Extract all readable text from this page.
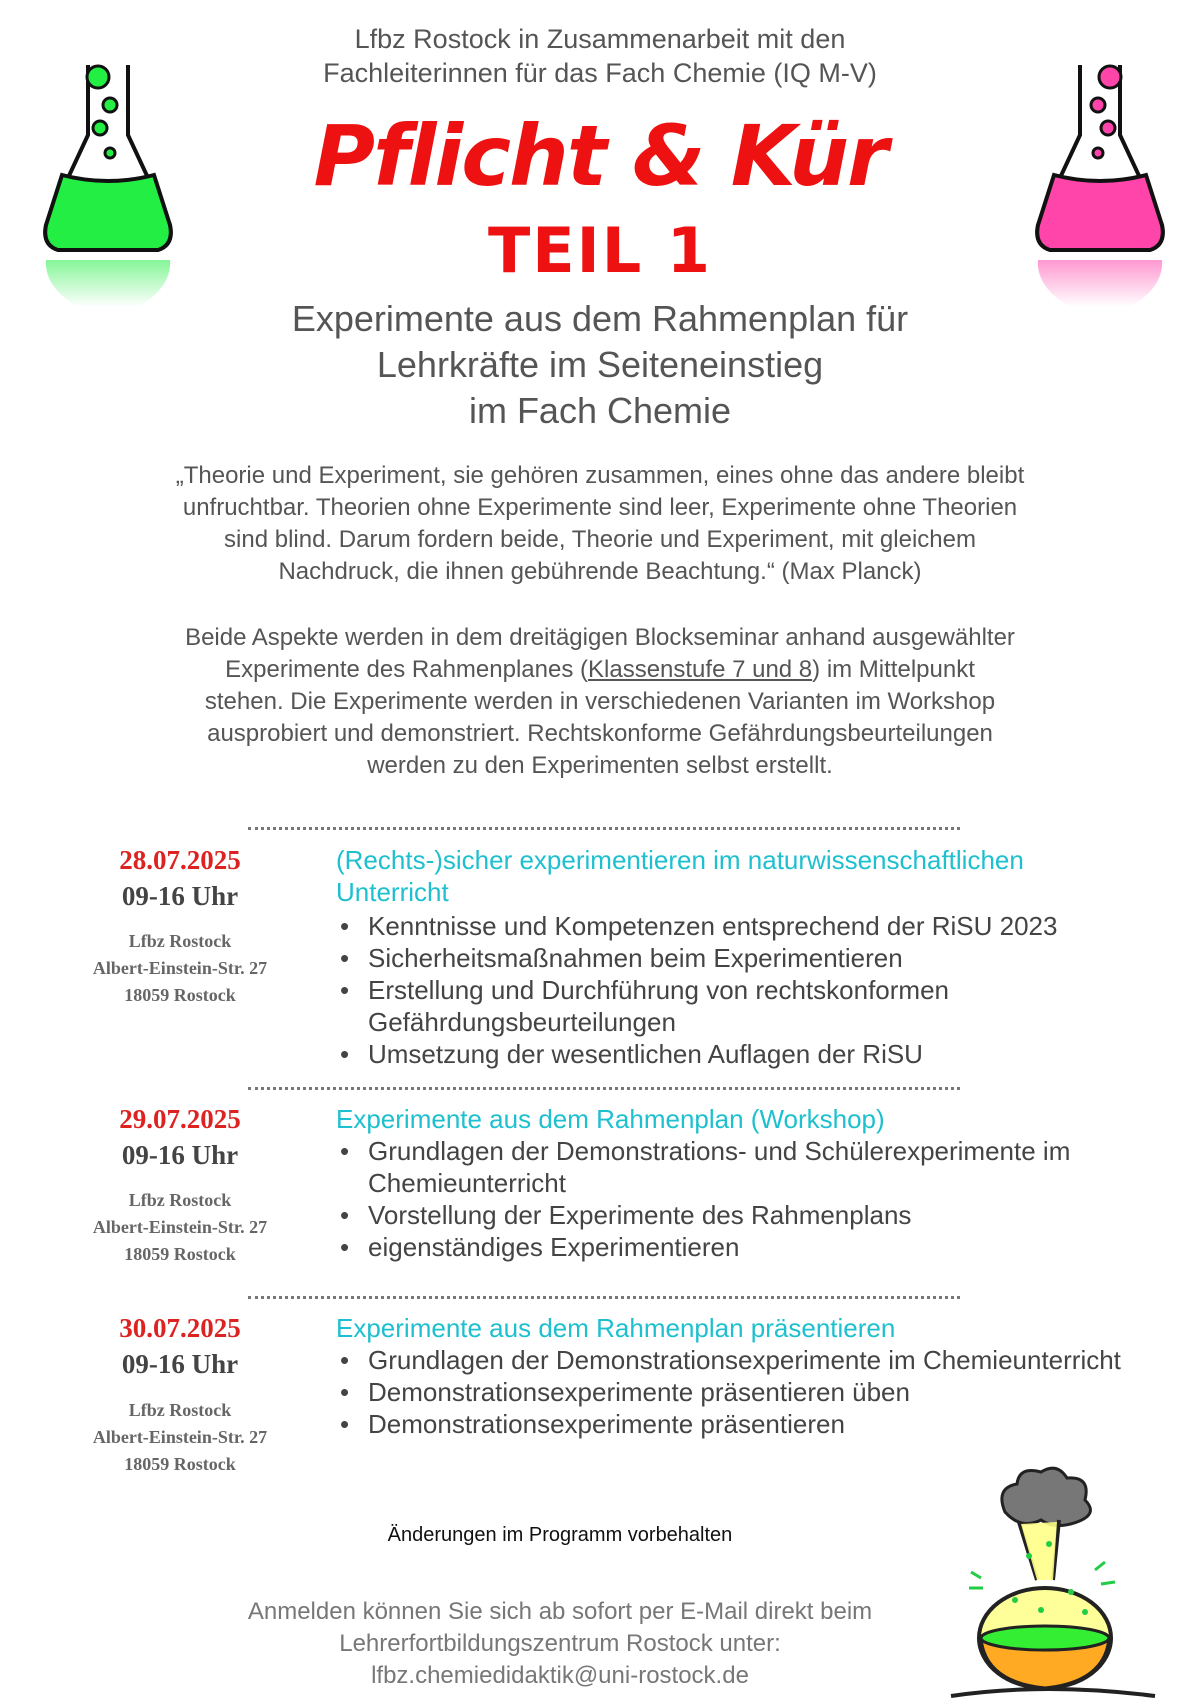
Lfbz Rostock in Zusammenarbeit mit den
Fachleiterinnen für das Fach Chemie (IQ M-V)
Pflicht & Kür
TEIL 1
Experimente aus dem Rahmenplan für
Lehrkräfte im Seiteneinstieg
im Fach Chemie
„Theorie und Experiment, sie gehören zusammen, eines ohne das andere bleibt
unfruchtbar. Theorien ohne Experimente sind leer, Experimente ohne Theorien
sind blind. Darum fordern beide, Theorie und Experiment, mit gleichem
Nachdruck, die ihnen gebührende Beachtung.“ (Max Planck)
Beide Aspekte werden in dem dreitägigen Blockseminar anhand ausgewählter
Experimente des Rahmenplanes (Klassenstufe 7 und 8) im Mittelpunkt
stehen. Die Experimente werden in verschiedenen Varianten im Workshop
ausprobiert und demonstriert. Rechtskonforme Gefährdungsbeurteilungen
werden zu den Experimenten selbst erstellt.
28.07.2025
09-16 Uhr
Lfbz Rostock
Albert-Einstein-Str. 27
18059 Rostock
(Rechts-)sicher experimentieren im naturwissenschaftlichen
Unterricht
• Kenntnisse und Kompetenzen entsprechend der RiSU 2023
• Sicherheitsmaßnahmen beim Experimentieren
• Erstellung und Durchführung von rechtskonformen Gefährdungsbeurteilungen
• Umsetzung der wesentlichen Auflagen der RiSU
29.07.2025
09-16 Uhr
Lfbz Rostock
Albert-Einstein-Str. 27
18059 Rostock
Experimente aus dem Rahmenplan (Workshop)
• Grundlagen der Demonstrations- und Schülerexperimente im Chemieunterricht
• Vorstellung der Experimente des Rahmenplans
• eigenständiges Experimentieren
30.07.2025
09-16 Uhr
Lfbz Rostock
Albert-Einstein-Str. 27
18059 Rostock
Experimente aus dem Rahmenplan präsentieren
• Grundlagen der Demonstrationsexperimente im Chemieunterricht
• Demonstrationsexperimente präsentieren üben
• Demonstrationsexperimente präsentieren
Änderungen im Programm vorbehalten
Anmelden können Sie sich ab sofort per E-Mail direkt beim
Lehrerfortbildungszentrum Rostock unter:
lfbz.chemiedidaktik@uni-rostock.de
